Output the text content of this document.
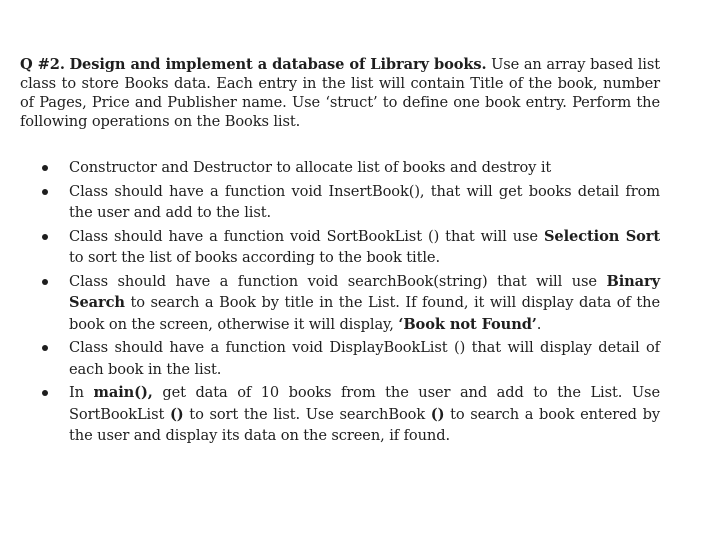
Q #2. Design and implement a database of Library books. Use an array based list class to store Books data. Each entry in the list will contain Title of the book, number of Pages, Price and Publisher name. Use ‘struct’ to define one book entry. Perform the following operations on the Books list.

Constructor and Destructor to allocate list of books and destroy it
Class should have a function void InsertBook(), that will get books detail from the user and add to the list.
Class should have a function void SortBookList () that will use Selection Sort to sort the list of books according to the book title.
Class should have a function void searchBook(string) that will use Binary Search to search a Book by title in the List. If found, it will display data of the book on the screen, otherwise it will display, ‘Book not Found’.
Class should have a function void DisplayBookList () that will display detail of each book in the list.
In main(), get data of 10 books from the user and add to the List. Use SortBookList () to sort the list. Use searchBook () to search a book entered by the user and display its data on the screen, if found.
